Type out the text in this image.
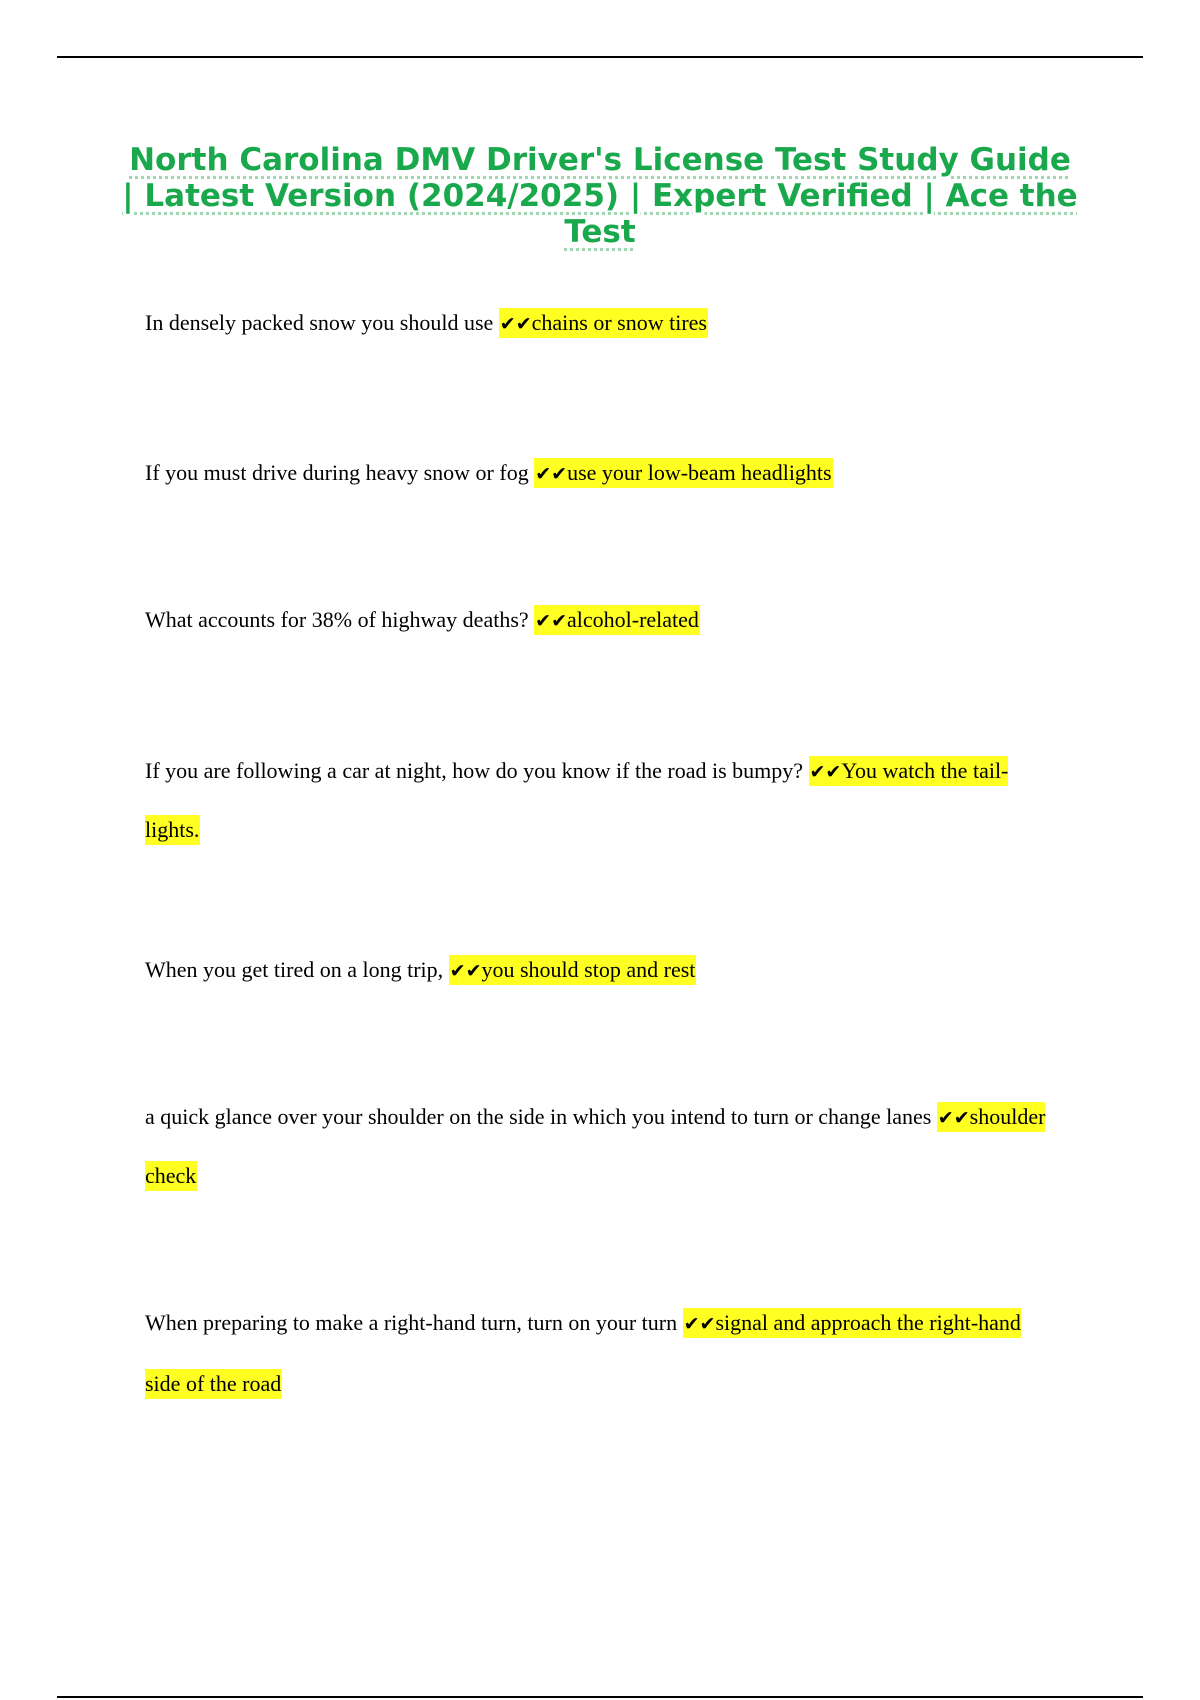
North Carolina DMV Driver's License Test Study Guide | Latest Version (2024/2025) | Expert Verified | Ace the Test

In densely packed snow you should use ✔✔chains or snow tires

If you must drive during heavy snow or fog ✔✔use your low-beam headlights

What accounts for 38% of highway deaths? ✔✔alcohol-related

If you are following a car at night, how do you know if the road is bumpy? ✔✔You watch the tail-lights.

When you get tired on a long trip, ✔✔you should stop and rest

a quick glance over your shoulder on the side in which you intend to turn or change lanes ✔✔shoulder check

When preparing to make a right-hand turn, turn on your turn ✔✔signal and approach the right-hand side of the road
